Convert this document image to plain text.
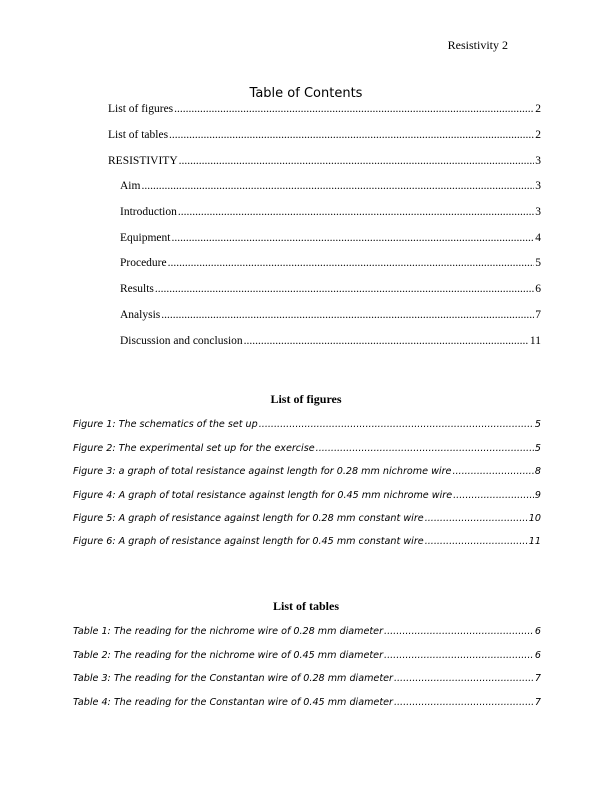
Resistivity 2
Table of Contents
List of figures .....	2
List of tables .....	2
RESISTIVITY .....	3
Aim .....	3
Introduction .....	3
Equipment .....	4
Procedure .....	5
Results .....	6
Analysis .....	7
Discussion and conclusion .....	11
List of figures
Figure 1: The schematics of the set up .....	5
Figure 2: The experimental set up for the exercise .....	5
Figure 3: a graph of total resistance against length for 0.28 mm nichrome wire .....	8
Figure 4: A graph of total resistance against length for 0.45 mm nichrome wire .....	9
Figure 5: A graph of resistance against length for 0.28 mm constant wire .....	10
Figure 6: A graph of resistance against length for 0.45 mm constant wire .....	11
List of tables
Table 1: The reading for the nichrome wire of 0.28 mm diameter .....	6
Table 2: The reading for the nichrome wire of 0.45 mm diameter .....	6
Table 3: The reading for the Constantan wire of 0.28 mm diameter .....	7
Table 4: The reading for the Constantan wire of 0.45 mm diameter .....	7
